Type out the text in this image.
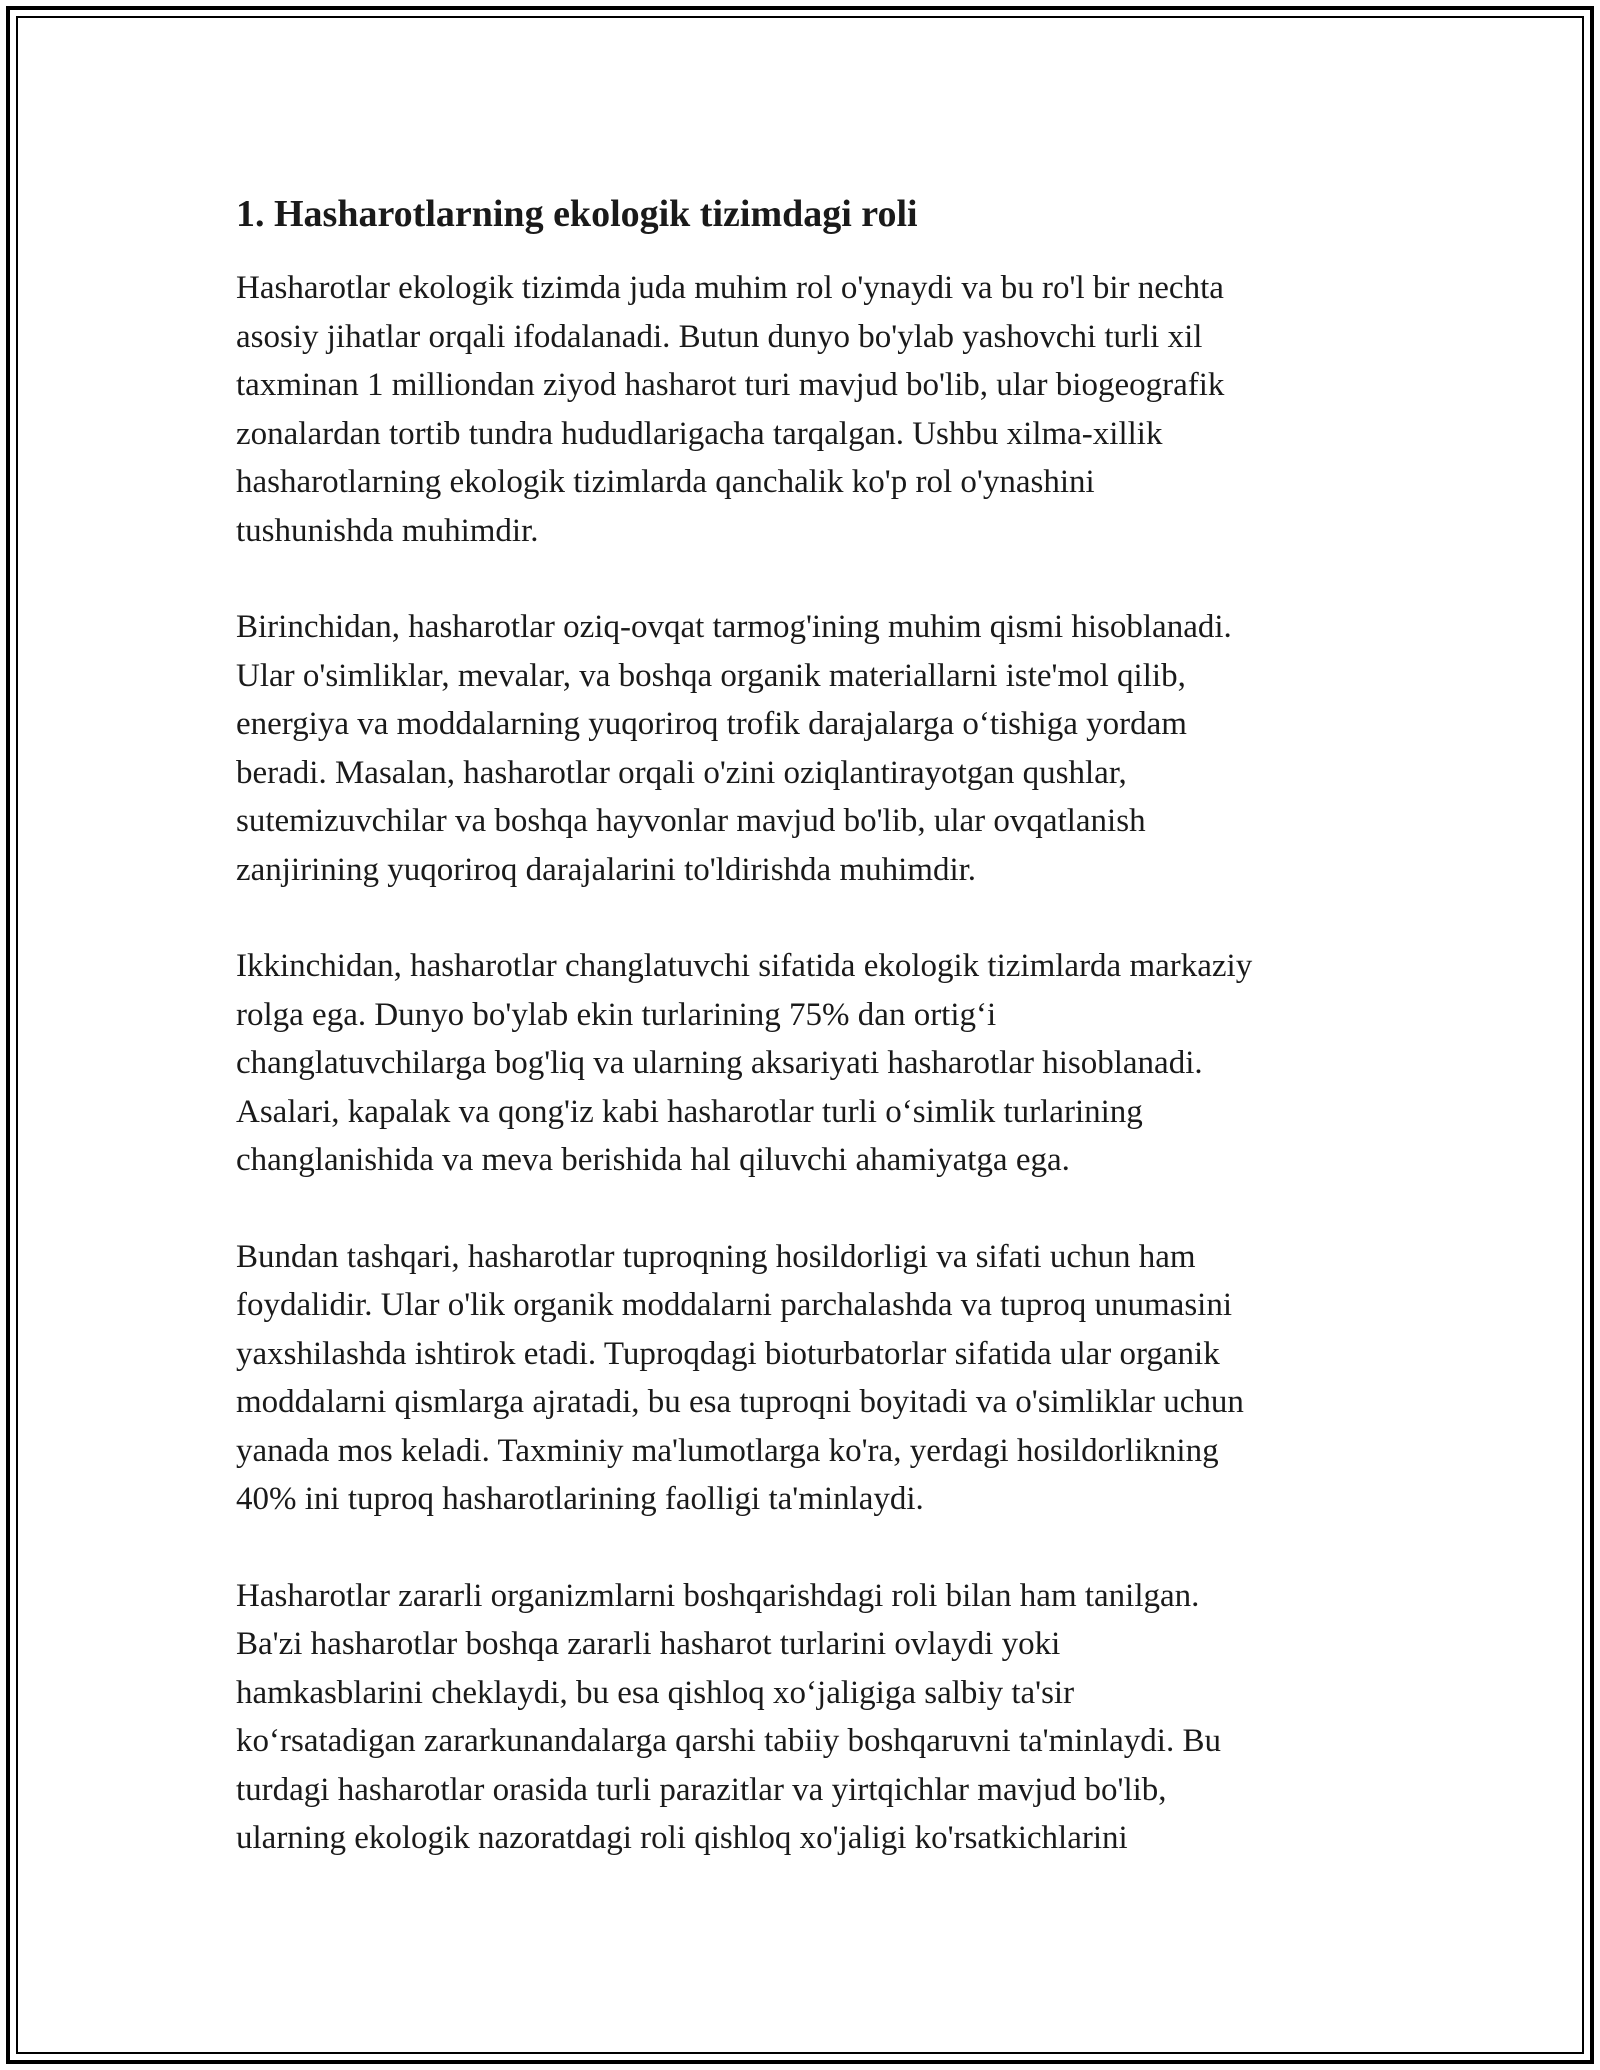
1. Hasharotlarning ekologik tizimdagi roli

Hasharotlar ekologik tizimda juda muhim rol o'ynaydi va bu ro'l bir nechta
asosiy jihatlar orqali ifodalanadi. Butun dunyo bo'ylab yashovchi turli xil
taxminan 1 milliondan ziyod hasharot turi mavjud bo'lib, ular biogeografik
zonalardan tortib tundra hududlarigacha tarqalgan. Ushbu xilma-xillik
hasharotlarning ekologik tizimlarda qanchalik ko'p rol o'ynashini
tushunishda muhimdir.

Birinchidan, hasharotlar oziq-ovqat tarmog'ining muhim qismi hisoblanadi.
Ular o'simliklar, mevalar, va boshqa organik materiallarni iste'mol qilib,
energiya va moddalarning yuqoriroq trofik darajalarga o‘tishiga yordam
beradi. Masalan, hasharotlar orqali o'zini oziqlantirayotgan qushlar,
sutemizuvchilar va boshqa hayvonlar mavjud bo'lib, ular ovqatlanish
zanjirining yuqoriroq darajalarini to'ldirishda muhimdir.

Ikkinchidan, hasharotlar changlatuvchi sifatida ekologik tizimlarda markaziy
rolga ega. Dunyo bo'ylab ekin turlarining 75% dan ortig‘i
changlatuvchilarga bog'liq va ularning aksariyati hasharotlar hisoblanadi.
Asalari, kapalak va qong'iz kabi hasharotlar turli o‘simlik turlarining
changlanishida va meva berishida hal qiluvchi ahamiyatga ega.

Bundan tashqari, hasharotlar tuproqning hosildorligi va sifati uchun ham
foydalidir. Ular o'lik organik moddalarni parchalashda va tuproq unumasini
yaxshilashda ishtirok etadi. Tuproqdagi bioturbatorlar sifatida ular organik
moddalarni qismlarga ajratadi, bu esa tuproqni boyitadi va o'simliklar uchun
yanada mos keladi. Taxminiy ma'lumotlarga ko'ra, yerdagi hosildorlikning
40% ini tuproq hasharotlarining faolligi ta'minlaydi.

Hasharotlar zararli organizmlarni boshqarishdagi roli bilan ham tanilgan.
Ba'zi hasharotlar boshqa zararli hasharot turlarini ovlaydi yoki
hamkasblarini cheklaydi, bu esa qishloq xo‘jaligiga salbiy ta'sir
ko‘rsatadigan zararkunandalarga qarshi tabiiy boshqaruvni ta'minlaydi. Bu
turdagi hasharotlar orasida turli parazitlar va yirtqichlar mavjud bo'lib,
ularning ekologik nazoratdagi roli qishloq xo'jaligi ko'rsatkichlarini
